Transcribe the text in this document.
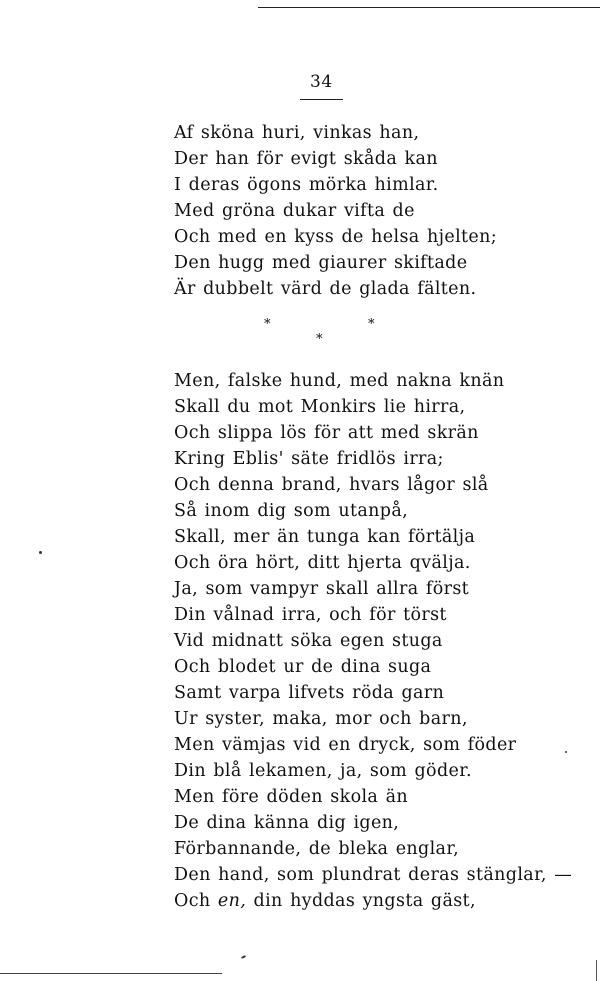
34
Af sköna huri, vinkas han,
Der han för evigt skåda kan
I deras ögons mörka himlar.
Med gröna dukar vifta de
Och med en kyss de helsa hjelten;
Den hugg med giaurer skiftade
Är dubbelt värd de glada fälten.
*	*
*
Men, falske hund, med nakna knän
Skall du mot Monkirs lie hirra,
Och slippa lös för att med skrän
Kring Eblis' säte fridlös irra;
Och denna brand, hvars lågor slå
Så inom dig som utanpå,
Skall, mer än tunga kan förtälja
Och öra hört, ditt hjerta qvälja.
Ja, som vampyr skall allra först
Din vålnad irra, och för törst
Vid midnatt söka egen stuga
Och blodet ur de dina suga
Samt varpa lifvets röda garn
Ur syster, maka, mor och barn,
Men vämjas vid en dryck, som föder
Din blå lekamen, ja, som göder.
Men före döden skola än
De dina känna dig igen,
Förbannande, de bleka englar,
Den hand, som plundrat deras stänglar, —
Och en, din hyddas yngsta gäst,
